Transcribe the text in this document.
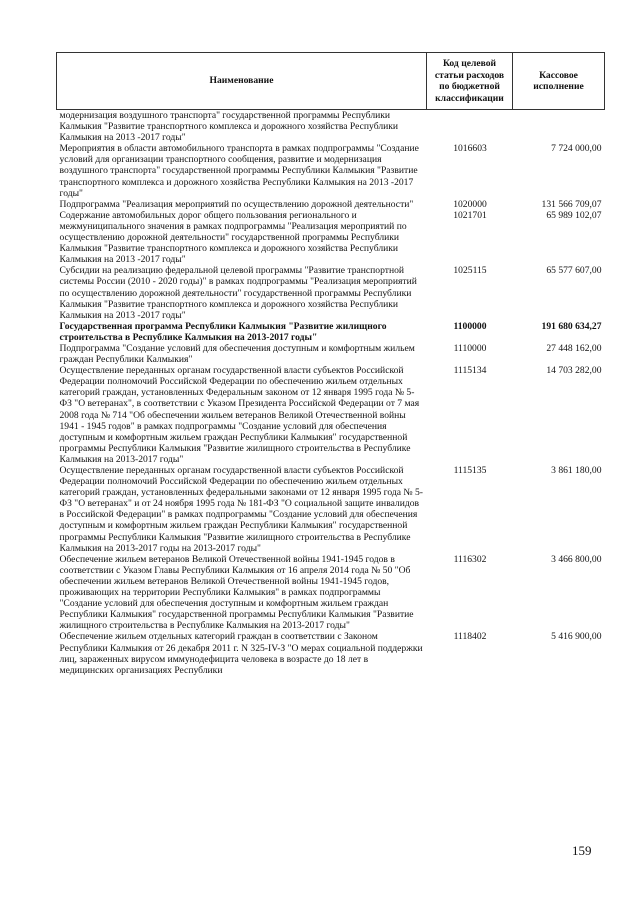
Наименование	Код целевой статьи расходов по бюджетной классификации	Кассовое исполнение
модернизация воздушного транспорта" государственной программы Республики Калмыкия "Развитие транспортного комплекса и дорожного хозяйства Республики Калмыкия на 2013 -2017 годы"		
Мероприятия в области автомобильного транспорта в рамках подпрограммы "Создание условий для организации транспортного сообщения, развитие и модернизация воздушного транспорта" государственной программы Республики Калмыкия "Развитие транспортного комплекса и дорожного хозяйства Республики Калмыкия на 2013 -2017 годы"	1016603	7 724 000,00
Подпрограмма "Реализация мероприятий по осуществлению дорожной деятельности"	1020000	131 566 709,07
Содержание автомобильных дорог общего пользования регионального и межмуниципального значения в рамках подпрограммы "Реализация мероприятий по осуществлению дорожной деятельности" государственной программы Республики Калмыкия "Развитие транспортного комплекса и дорожного хозяйства Республики Калмыкия на 2013 -2017 годы"	1021701	65 989 102,07
Субсидии на реализацию федеральной целевой программы "Развитие транспортной системы России (2010 - 2020 годы)" в рамках подпрограммы "Реализация мероприятий по осуществлению дорожной деятельности" государственной программы Республики Калмыкия "Развитие транспортного комплекса и дорожного хозяйства Республики Калмыкия на 2013 -2017 годы"	1025115	65 577 607,00
Государственная программа Республики Калмыкия "Развитие жилищного строительства в Республике Калмыкия на 2013-2017 годы"	1100000	191 680 634,27
Подпрограмма "Создание условий для обеспечения доступным и комфортным жильем граждан Республики Калмыкия"	1110000	27 448 162,00
Осуществление переданных органам государственной власти субъектов Российской Федерации полномочий Российской Федерации по обеспечению жильем отдельных категорий граждан, установленных Федеральным законом от 12 января 1995 года № 5-ФЗ "О ветеранах", в соответствии с Указом Президента Российской Федерации от 7 мая 2008 года № 714 "Об обеспечении жильем ветеранов Великой Отечественной войны 1941 - 1945 годов" в рамках подпрограммы "Создание условий для обеспечения доступным и комфортным жильем граждан Республики Калмыкия" государственной программы Республики Калмыкия "Развитие жилищного строительства в Республике Калмыкия на 2013-2017 годы"	1115134	14 703 282,00
Осуществление переданных органам государственной власти субъектов Российской Федерации полномочий Российской Федерации по обеспечению жильем отдельных категорий граждан, установленных федеральными законами от 12 января 1995 года № 5-ФЗ "О ветеранах" и от 24 ноября 1995 года № 181-ФЗ "О социальной защите инвалидов в Российской Федерации" в рамках подпрограммы "Создание условий для обеспечения доступным и комфортным жильем граждан Республики Калмыкия" государственной программы Республики Калмыкия "Развитие жилищного строительства в Республике Калмыкия на 2013-2017 годы на 2013-2017 годы"	1115135	3 861 180,00
Обеспечение жильем ветеранов Великой Отечественной войны 1941-1945 годов в соответствии с Указом Главы Республики Калмыкия от 16 апреля 2014 года № 50 "Об обеспечении жильем ветеранов Великой Отечественной войны 1941-1945 годов, проживающих на территории Республики Калмыкия" в рамках подпрограммы "Создание условий для обеспечения доступным и комфортным жильем граждан Республики Калмыкия" государственной программы Республики Калмыкия "Развитие жилищного строительства в Республике Калмыкия на 2013-2017 годы"	1116302	3 466 800,00
Обеспечение жильем отдельных категорий граждан в соответствии с Законом Республики Калмыкия от 26 декабря 2011 г. N 325-IV-З "О мерах социальной поддержки лиц, зараженных вирусом иммунодефицита человека в возрасте до 18 лет в медицинских организациях Республики	1118402	5 416 900,00
159
